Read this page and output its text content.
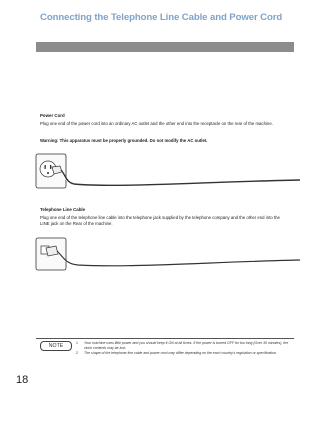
Connecting the Telephone Line Cable and Power Cord
Power Cord
Plug one end of the power cord into an ordinary AC outlet and the other end into the receptacle on the rear of the machine.
Warning: This apparatus must be properly grounded. Do not modify the AC outlet.
Telephone Line Cable
Plug one end of the telephone line cable into the telephone jack supplied by the telephone company and the other end into the LINE jack on the Rear of the machine.
NOTE	1	Your machine uses little power and you should keep it ON at all times. If the power is turned OFF for too long (Over 30 minutes), the clock contents may be lost.
2	The shape of the telephone line cable and power cord may differ depending on the each country's regulation or specification.
18
